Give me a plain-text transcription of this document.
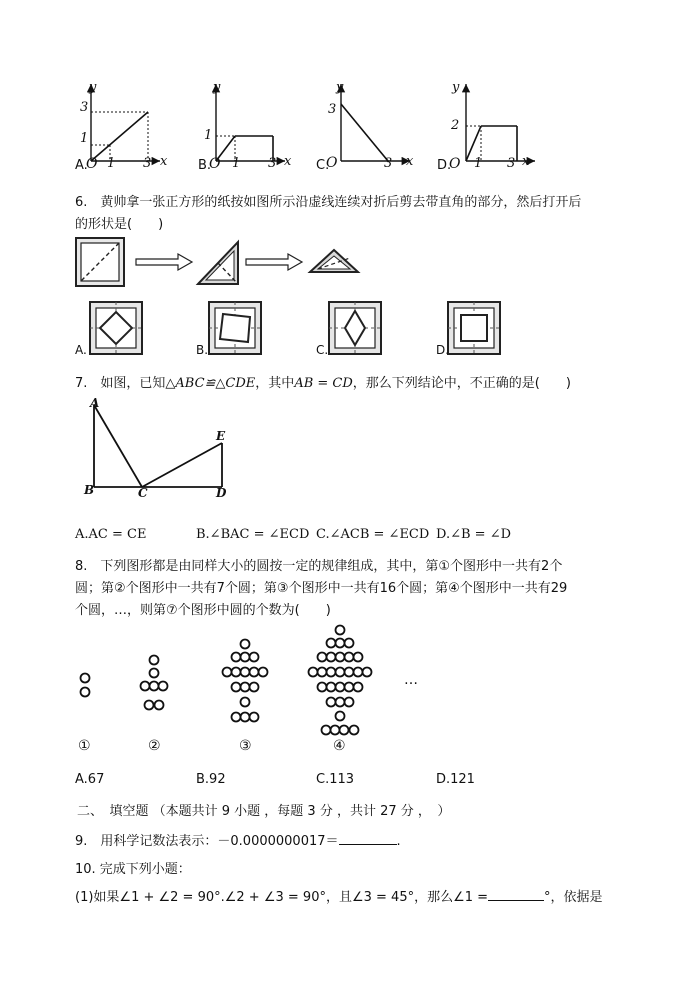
A.
O
y
3
1
1 3 x B.
O
y
1
1 3 x C.
O
y
3
3 x D.
O
y
2
1 3 x
6.　黄帅拿一张正方形的纸按如图所示沿虚线连续对折后剪去带直角的部分，然后打开后
的形状是(　　)
A.	B.	C.	D.
7.　如图，已知△ABC≌△CDE，其中AB = CD，那么下列结论中，不正确的是(　　)
A
B	C	D
E
A.AC = CE	B.∠BAC = ∠ECD C.∠ACB = ∠ECD D.∠B = ∠D
8.　下列图形都是由同样大小的圆按一定的规律组成，其中，第①个图形中一共有2个
圆；第②个图形中一共有7个圆；第③个图形中一共有16个圆；第④个图形中一共有29
个圆，…，则第⑦个图形中圆的个数为(　　)
…
①	②	③	④
A.67	B.92	C.113	D.121
二、　填空题 （本题共计 9 小题 ，每题 3 分 ，共计 27 分 ，　）
9.　用科学记数法表示：－0.0000000017＝	.
10. 完成下列小题：
(1)如果∠1 + ∠2 = 90°.∠2 + ∠3 = 90°，且∠3 = 45°，那么∠1 =	°，依据是
